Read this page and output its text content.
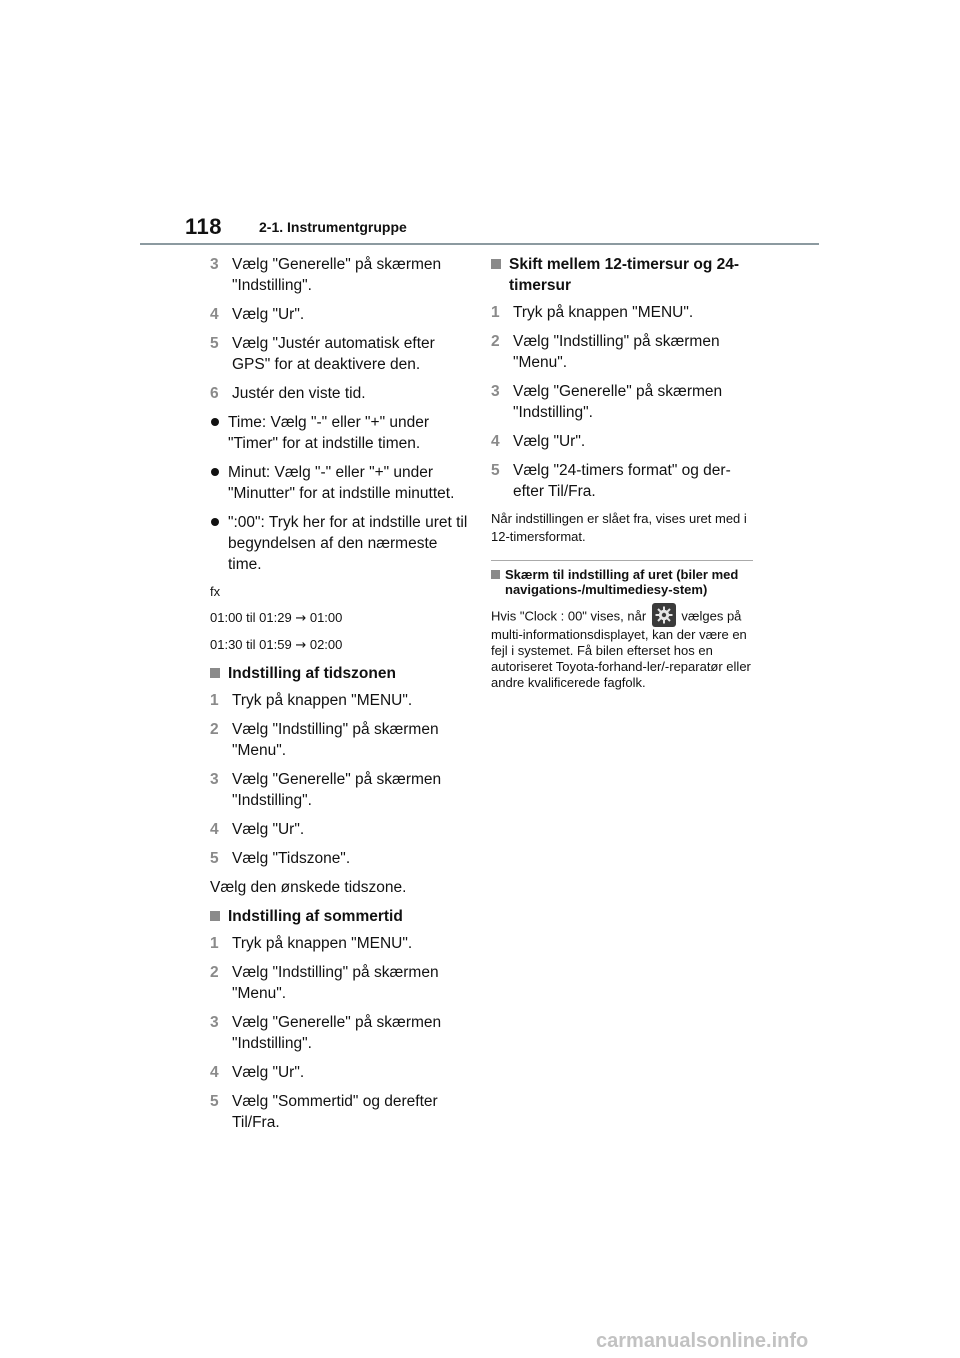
118	2-1. Instrumentgruppe
3 Vælg "Generelle" på skærmen "Indstilling".
4 Vælg "Ur".
5 Vælg "Justér automatisk efter GPS" for at deaktivere den.
6 Justér den viste tid.
Time: Vælg "-" eller "+" under "Timer" for at indstille timen.
Minut: Vælg "-" eller "+" under "Minutter" for at indstille minuttet.
":00": Tryk her for at indstille uret til begyndelsen af den nærmeste time.
fx
01:00 til 01:29 → 01:00
01:30 til 01:59 → 02:00
Indstilling af tidszonen
1 Tryk på knappen "MENU".
2 Vælg "Indstilling" på skærmen "Menu".
3 Vælg "Generelle" på skærmen "Indstilling".
4 Vælg "Ur".
5 Vælg "Tidszone".
Vælg den ønskede tidszone.
Indstilling af sommertid
1 Tryk på knappen "MENU".
2 Vælg "Indstilling" på skærmen "Menu".
3 Vælg "Generelle" på skærmen "Indstilling".
4 Vælg "Ur".
5 Vælg "Sommertid" og derefter Til/Fra.
Skift mellem 12-timersur og 24-timersur
1 Tryk på knappen "MENU".
2 Vælg "Indstilling" på skærmen "Menu".
3 Vælg "Generelle" på skærmen "Indstilling".
4 Vælg "Ur".
5 Vælg "24-timers format" og der-efter Til/Fra.
Når indstillingen er slået fra, vises uret med i 12-timersformat.
Skærm til indstilling af uret (biler med navigations-/multimediesy-stem)
Hvis "Clock : 00" vises, når	vælges på multi-informationsdisplayet, kan der være en fejl i systemet. Få bilen efterset hos en autoriseret Toyota-forhand-ler/-reparatør eller andre kvalificerede fagfolk.
carmanualsonline.info
